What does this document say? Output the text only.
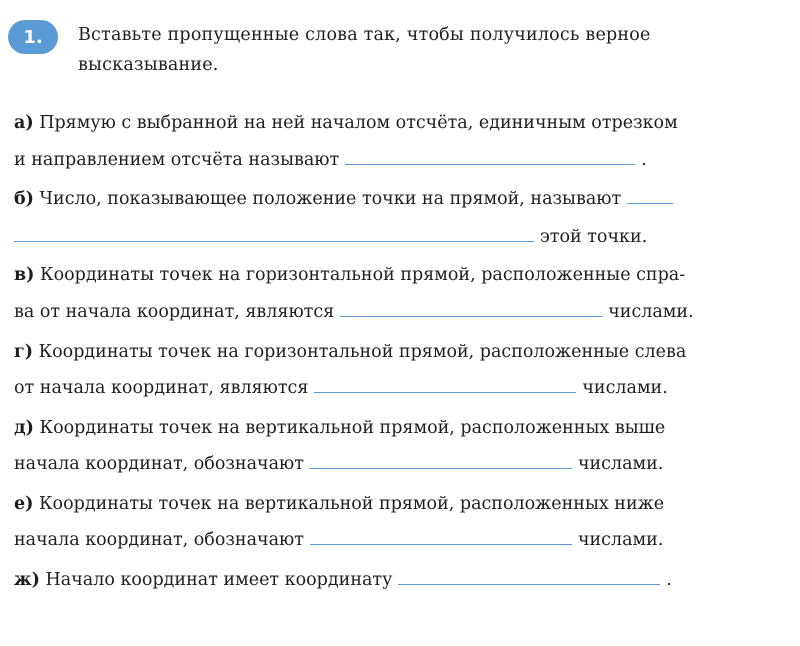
1.	Вставьте пропущенные слова так, чтобы получилось верное высказывание.
а)
Прямую с выбранной на ней началом отсчёта, единичным отрезком
и направлением отсчёта называют	.
б)
Число, показывающее положение точки на прямой, называют
этой точки.
в)
Координаты точек на горизонтальной прямой, расположенные спра-
ва от начала координат, являются	числами.
г)
Координаты точек на горизонтальной прямой, расположенные слева
от начала координат, являются	числами.
д)
Координаты точек на вертикальной прямой, расположенных выше
начала координат, обозначают	числами.
е)
Координаты точек на вертикальной прямой, расположенных ниже
начала координат, обозначают	числами.
ж)
Начало координат имеет координату	.
